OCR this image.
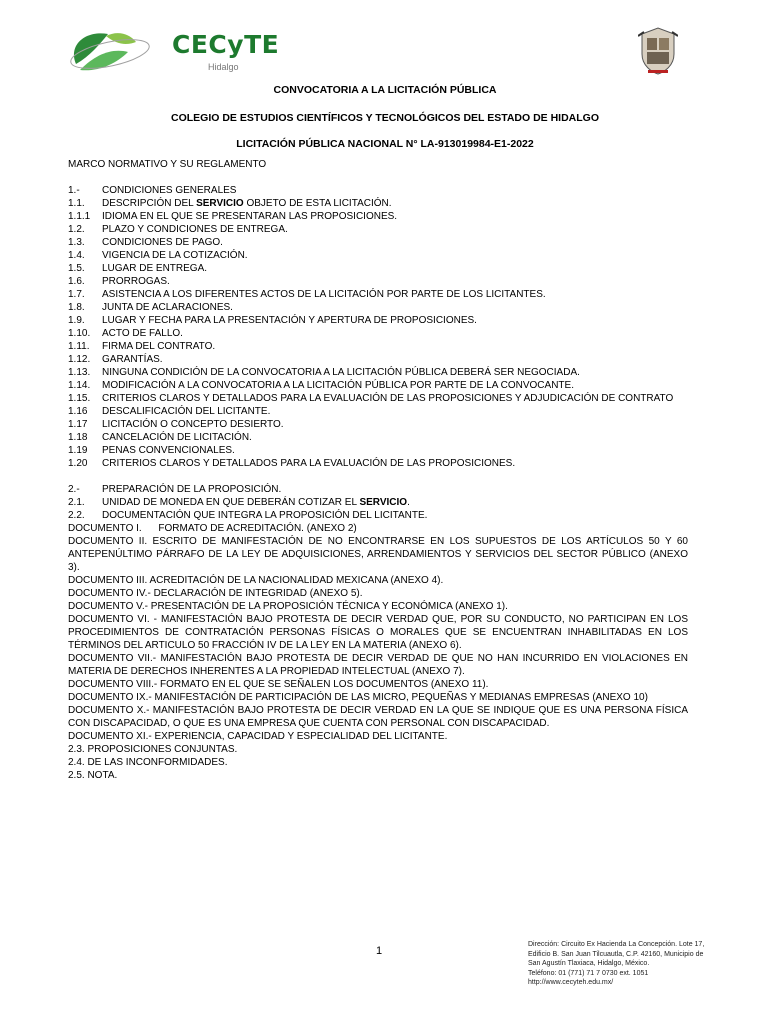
CECyTE
Hidalgo
CONVOCATORIA A LA LICITACIÓN PÚBLICA
COLEGIO DE ESTUDIOS CIENTÍFICOS Y TECNOLÓGICOS DEL ESTADO DE HIDALGO
LICITACIÓN PÚBLICA NACIONAL N° LA-913019984-E1-2022
MARCO NORMATIVO Y SU REGLAMENTO
1.-	CONDICIONES GENERALES
1.1.	DESCRIPCIÓN DEL SERVICIO OBJETO DE ESTA LICITACIÓN.
1.1.1	IDIOMA EN EL QUE SE PRESENTARAN LAS PROPOSICIONES.
1.2.	PLAZO Y CONDICIONES DE ENTREGA.
1.3.	CONDICIONES DE PAGO.
1.4.	VIGENCIA DE LA COTIZACIÓN.
1.5.	LUGAR DE ENTREGA.
1.6.	PRORROGAS.
1.7.	ASISTENCIA A LOS DIFERENTES ACTOS DE LA LICITACIÓN POR PARTE DE LOS LICITANTES.
1.8.	JUNTA DE ACLARACIONES.
1.9.	LUGAR Y FECHA PARA LA PRESENTACIÓN Y APERTURA DE PROPOSICIONES.
1.10.	ACTO DE FALLO.
1.11.	FIRMA DEL CONTRATO.
1.12.	GARANTÍAS.
1.13.	NINGUNA CONDICIÓN DE LA CONVOCATORIA A LA LICITACIÓN PÚBLICA DEBERÁ SER NEGOCIADA.
1.14.	MODIFICACIÓN A LA CONVOCATORIA A LA LICITACIÓN PÚBLICA POR PARTE DE LA CONVOCANTE.
1.15.	CRITERIOS CLAROS Y DETALLADOS PARA LA EVALUACIÓN DE LAS PROPOSICIONES Y ADJUDICACIÓN DE CONTRATO
1.16	DESCALIFICACIÓN DEL LICITANTE.
1.17	LICITACIÓN O CONCEPTO DESIERTO.
1.18	CANCELACIÓN DE LICITACIÓN.
1.19	PENAS CONVENCIONALES.
1.20	CRITERIOS CLAROS Y DETALLADOS PARA LA EVALUACIÓN DE LAS PROPOSICIONES.
2.-	PREPARACIÓN DE LA PROPOSICIÓN.
2.1.	UNIDAD DE MONEDA EN QUE DEBERÁN COTIZAR EL SERVICIO.
2.2.	DOCUMENTACIÓN QUE INTEGRA LA PROPOSICIÓN DEL LICITANTE.
DOCUMENTO I.      FORMATO DE ACREDITACIÓN. (ANEXO 2)
DOCUMENTO II. ESCRITO DE MANIFESTACIÓN DE NO ENCONTRARSE EN LOS SUPUESTOS DE LOS ARTÍCULOS 50 Y 60 ANTEPENÚLTIMO PÁRRAFO DE LA LEY DE ADQUISICIONES, ARRENDAMIENTOS Y SERVICIOS DEL SECTOR PÚBLICO (ANEXO 3).
DOCUMENTO III. ACREDITACIÓN DE LA NACIONALIDAD MEXICANA (ANEXO 4).
DOCUMENTO IV.- DECLARACIÓN DE INTEGRIDAD (ANEXO 5).
DOCUMENTO V.- PRESENTACIÓN DE LA PROPOSICIÓN TÉCNICA Y ECONÓMICA (ANEXO 1).
DOCUMENTO VI. - MANIFESTACIÓN BAJO PROTESTA DE DECIR VERDAD QUE, POR SU CONDUCTO, NO PARTICIPAN EN LOS PROCEDIMIENTOS DE CONTRATACIÓN PERSONAS FÍSICAS O MORALES QUE SE ENCUENTRAN INHABILITADAS EN LOS TÉRMINOS DEL ARTICULO 50 FRACCIÓN IV DE LA LEY EN LA MATERIA (ANEXO 6).
DOCUMENTO VII.- MANIFESTACIÓN BAJO PROTESTA DE DECIR VERDAD DE QUE NO HAN INCURRIDO EN VIOLACIONES EN MATERIA DE DERECHOS INHERENTES A LA PROPIEDAD INTELECTUAL (ANEXO 7).
DOCUMENTO VIII.- FORMATO EN EL QUE SE SEÑALEN LOS DOCUMENTOS (ANEXO 11).
DOCUMENTO IX.- MANIFESTACIÓN DE PARTICIPACIÓN DE LAS MICRO, PEQUEÑAS Y MEDIANAS EMPRESAS (ANEXO 10)
DOCUMENTO X.- MANIFESTACIÓN BAJO PROTESTA DE DECIR VERDAD EN LA QUE SE INDIQUE QUE ES UNA PERSONA FÍSICA CON DISCAPACIDAD, O QUE ES UNA EMPRESA QUE CUENTA CON PERSONAL CON DISCAPACIDAD.
DOCUMENTO XI.- EXPERIENCIA, CAPACIDAD Y ESPECIALIDAD DEL LICITANTE.
2.3. PROPOSICIONES CONJUNTAS.
2.4. DE LAS INCONFORMIDADES.
2.5. NOTA.
1
Dirección: Circuito Ex Hacienda La Concepción. Lote 17,
Edificio B. San Juan Tilcuautla, C.P. 42160, Municipio de
San Agustín Tlaxiaca, Hidalgo, México.
Teléfono: 01 (771) 71 7 0730 ext. 1051
http://www.cecyteh.edu.mx/
